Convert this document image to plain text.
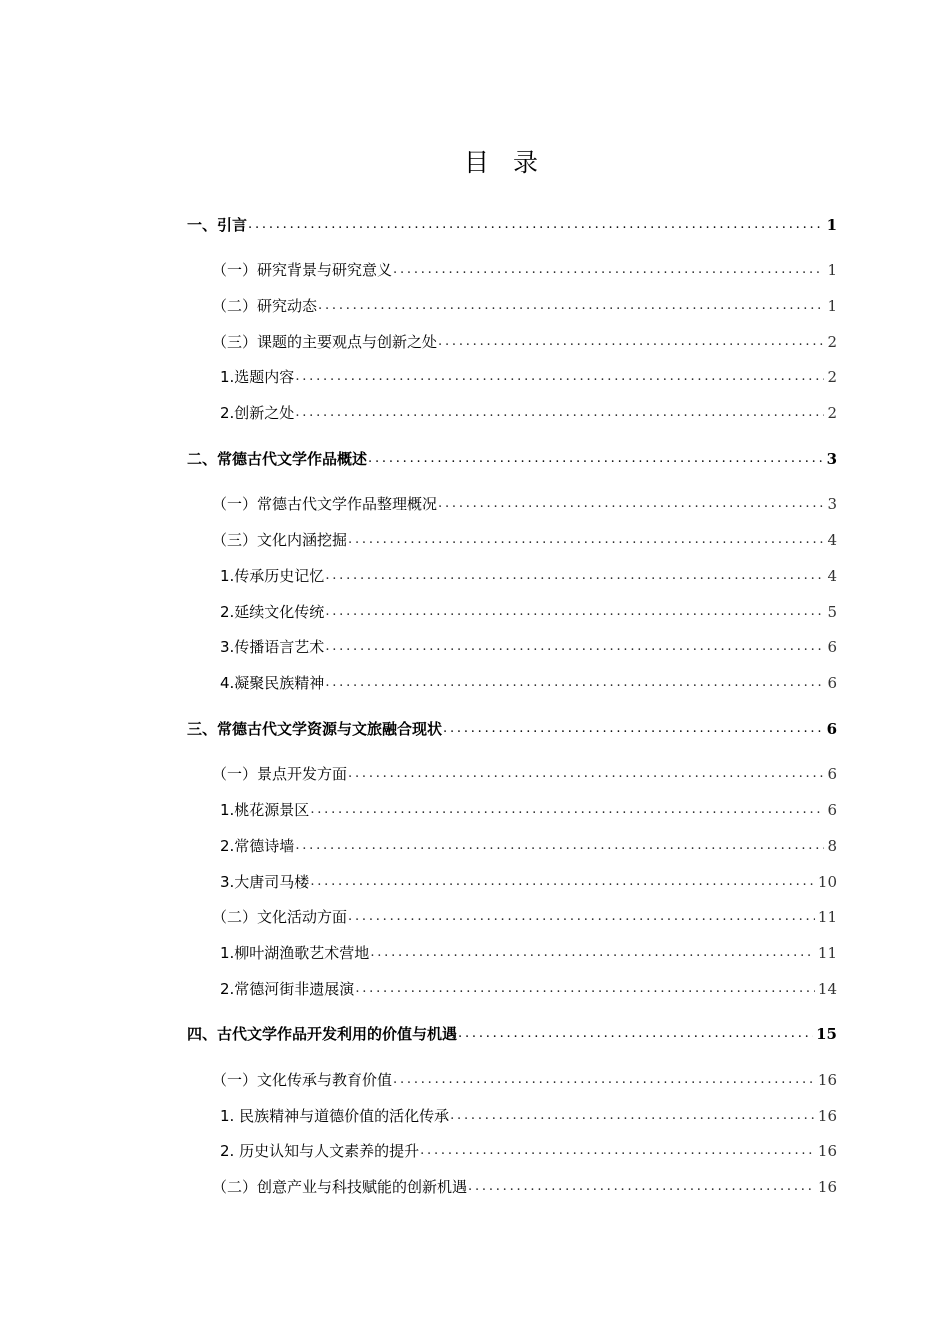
目录
一、引言 .....	1
（一）研究背景与研究意义 .....	1
（二）研究动态 .....	1
（三）课题的主要观点与创新之处 .....	2
1.选题内容 .....	2
2.创新之处 .....	2
二、常德古代文学作品概述 .....	3
（一）常德古代文学作品整理概况 .....	3
（三）文化内涵挖掘 .....	4
1.传承历史记忆 .....	4
2.延续文化传统 .....	5
3.传播语言艺术 .....	6
4.凝聚民族精神 .....	6
三、常德古代文学资源与文旅融合现状 .....	6
（一）景点开发方面 .....	6
1.桃花源景区 .....	6
2.常德诗墙 .....	8
3.大唐司马楼 .....	10
（二）文化活动方面 .....	11
1.柳叶湖渔歌艺术营地 .....	11
2.常德河街非遗展演 .....	14
四、古代文学作品开发利用的价值与机遇 .....	15
（一）文化传承与教育价值 .....	16
1. 民族精神与道德价值的活化传承 .....	16
2. 历史认知与人文素养的提升 .....	16
（二）创意产业与科技赋能的创新机遇 .....	16
